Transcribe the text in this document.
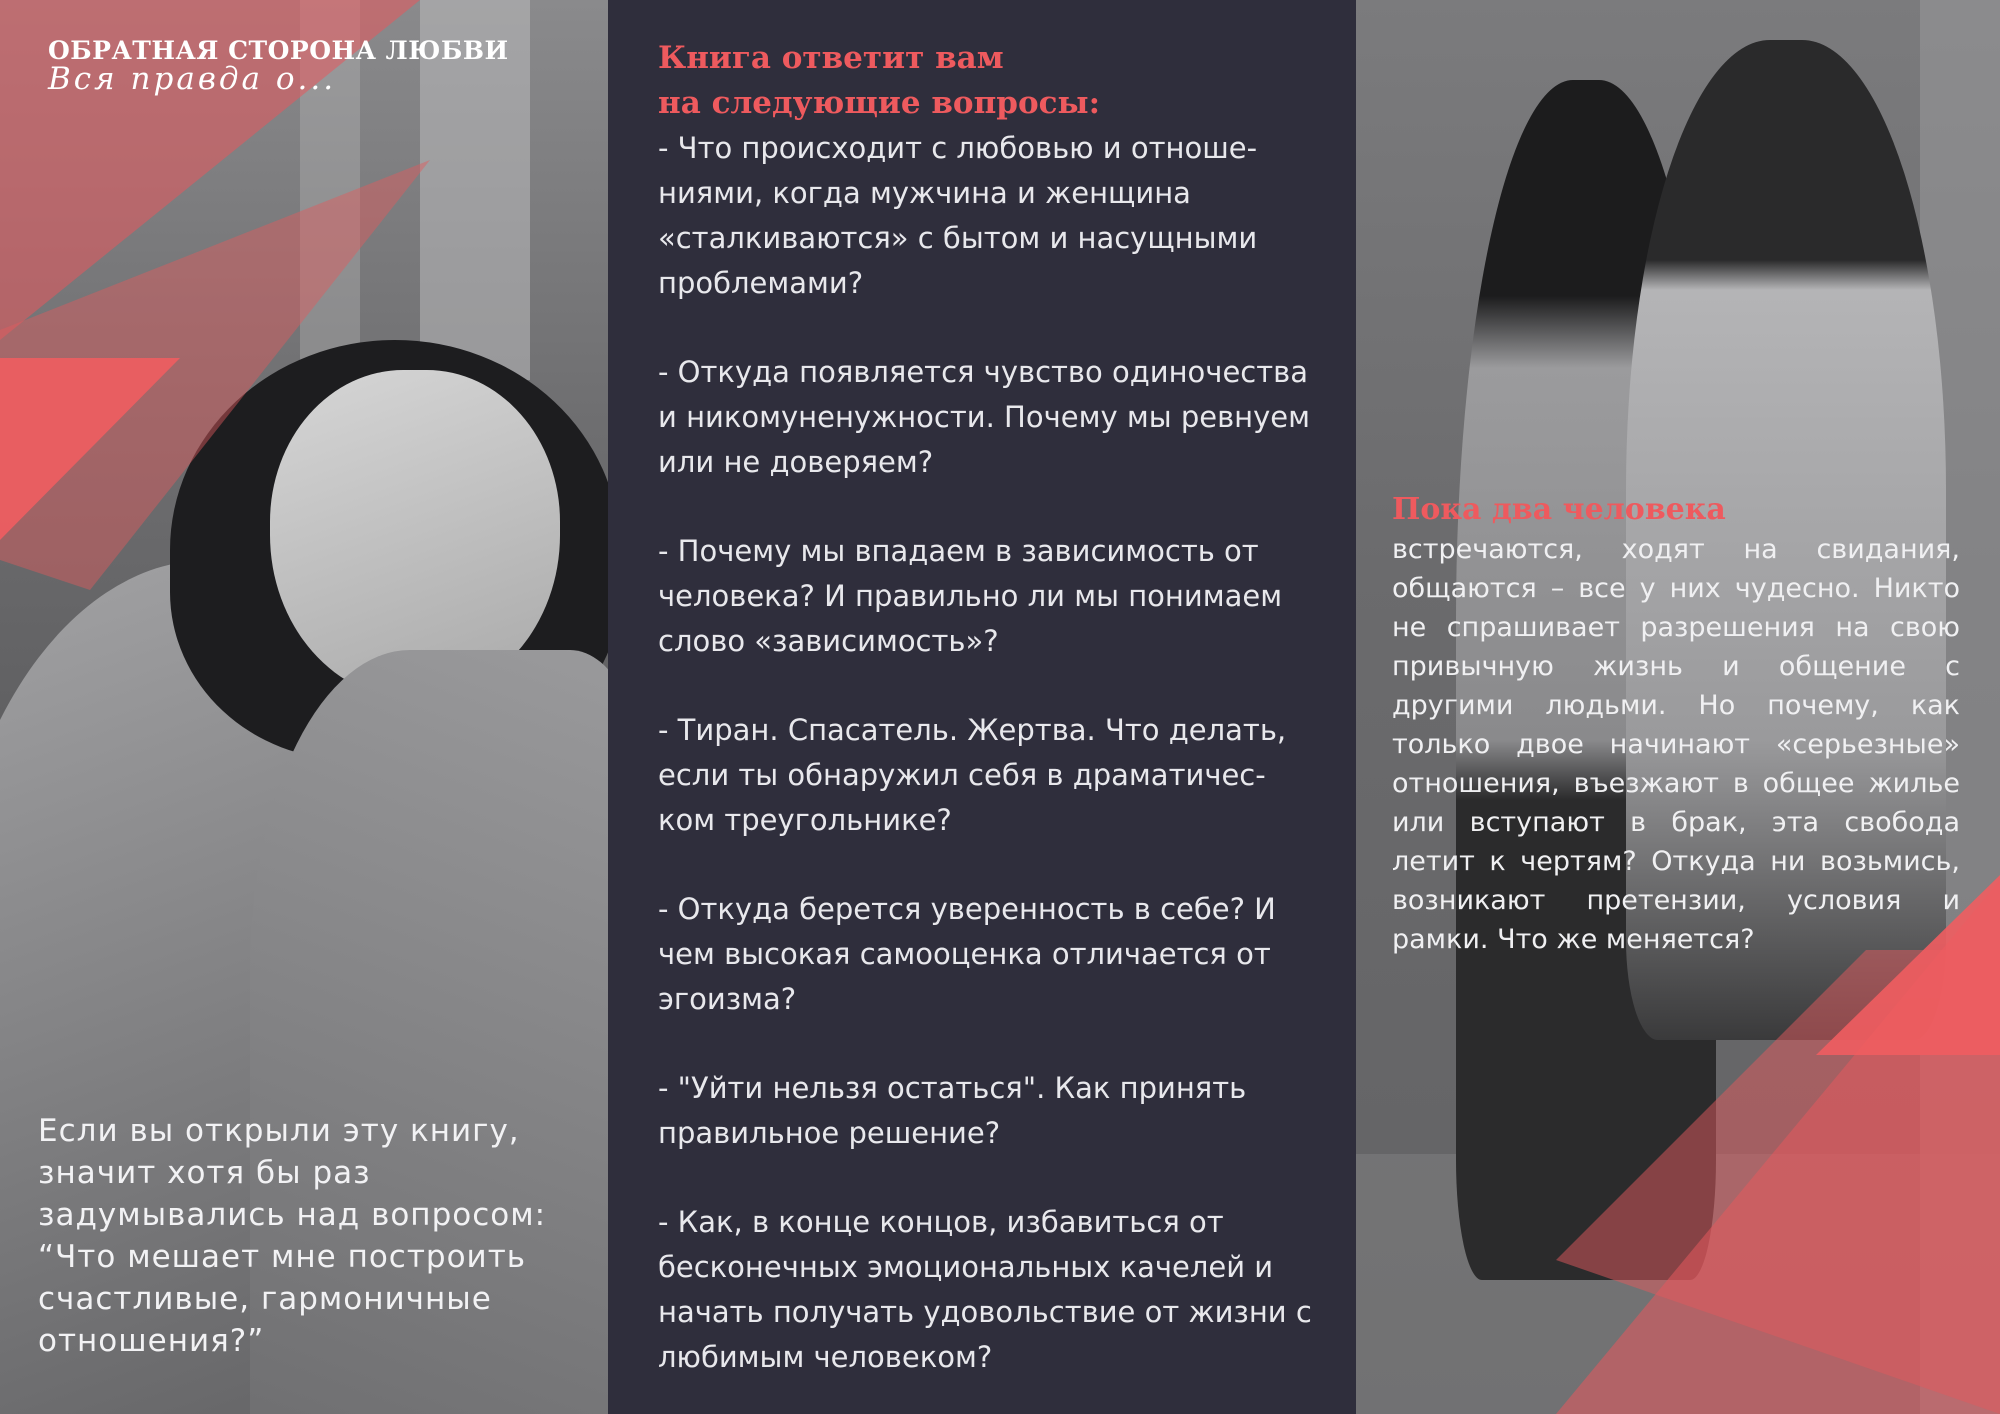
ОБРАТНАЯ СТОРОНА ЛЮБВИ
Вся правда о...
Если вы открыли эту книгу, значит хотя бы раз задумывались над вопросом: “Что мешает мне построить счастливые, гармоничные отношения?”

Книга ответит вам

на следующие вопросы:

- Что происходит с любовью и отноше-ниями, когда мужчина и женщина «сталкиваются» с бытом и насущными проблемами?

- Откуда появляется чувство одиночества и никомуненужности. Почему мы ревнуем или не доверяем?

- Почему мы впадаем в зависимость от человека? И правильно ли мы понимаем слово «зависимость»?

- Тиран. Спасатель. Жертва. Что делать, если ты обнаружил себя в драматичес-ком треугольнике?

- Откуда берется уверенность в себе? И чем высокая самооценка отличается от эгоизма?

- "Уйти нельзя остаться". Как принять правильное решение?

- Как, в конце концов, избавиться от бесконечных эмоциональных качелей и начать получать удовольствие от жизни с любимым человеком?

Пока два человека

встречаются, ходят на свидания, общаются – все у них чудесно. Никто не спрашивает разрешения на свою привычную жизнь и общение с другими людьми. Но почему, как только двое начинают «серьезные» отношения, въезжают в общее жилье или вступают в брак, эта свобода летит к чертям? Откуда ни возьмись, возникают претензии, условия и рамки. Что же меняется?
